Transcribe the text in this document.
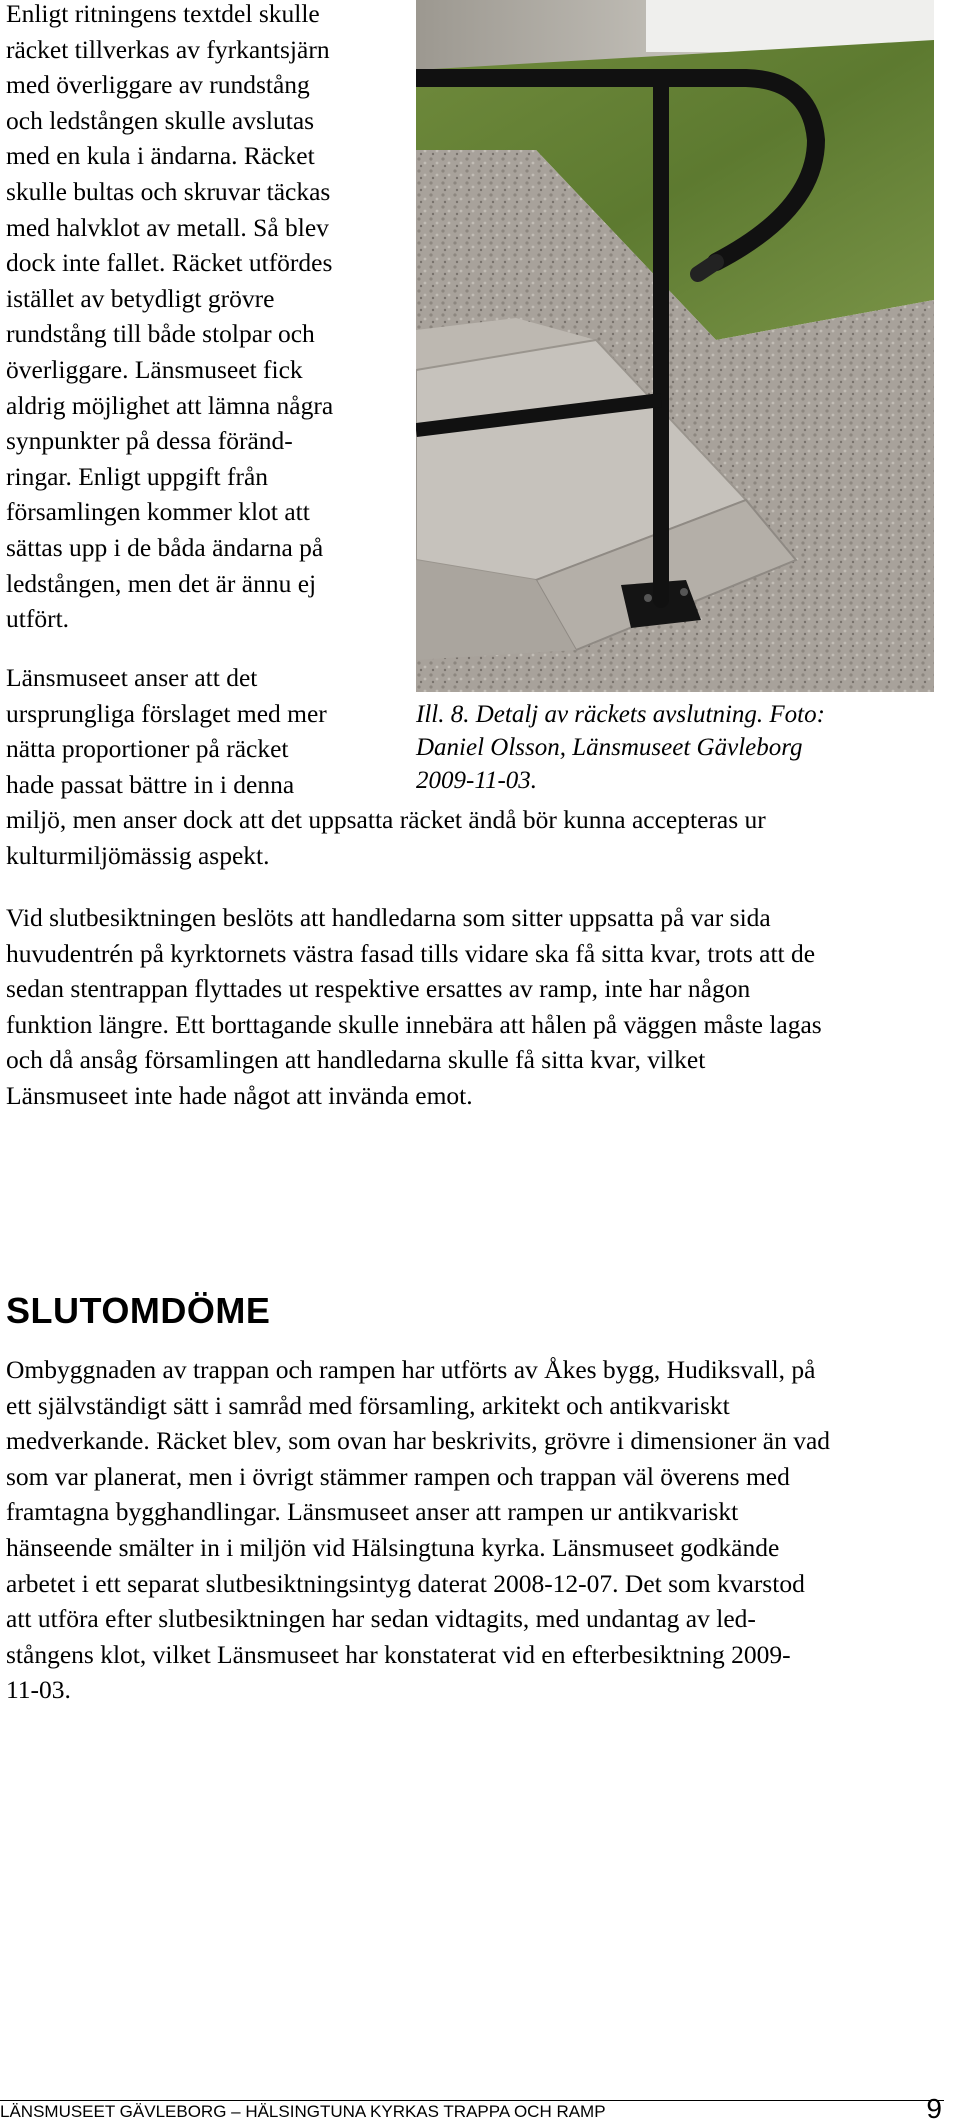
Enligt ritningens textdel skulle
räcket tillverkas av fyrkantsjärn
med överliggare av rundstång
och ledstången skulle avslutas
med en kula i ändarna. Räcket
skulle bultas och skruvar täckas
med halvklot av metall. Så blev
dock inte fallet. Räcket utfördes
istället av betydligt grövre
rundstång till både stolpar och
överliggare. Länsmuseet fick
aldrig möjlighet att lämna några
synpunkter på dessa föränd-
ringar. Enligt uppgift från
församlingen kommer klot att
sättas upp i de båda ändarna på
ledstången, men det är ännu ej
utfört.
Länsmuseet anser att det
ursprungliga förslaget med mer
nätta proportioner på räcket
hade passat bättre in i denna
Ill. 8. Detalj av räckets avslutning. Foto:
Daniel Olsson, Länsmuseet Gävleborg
2009-11-03.
miljö, men anser dock att det uppsatta räcket ändå bör kunna accepteras ur
kulturmiljömässig aspekt.
Vid slutbesiktningen beslöts att handledarna som sitter uppsatta på var sida
huvudentrén på kyrktornets västra fasad tills vidare ska få sitta kvar, trots att de
sedan stentrappan flyttades ut respektive ersattes av ramp, inte har någon
funktion längre. Ett borttagande skulle innebära att hålen på väggen måste lagas
och då ansåg församlingen att handledarna skulle få sitta kvar, vilket
Länsmuseet inte hade något att invända emot.
SLUTOMDÖME
Ombyggnaden av trappan och rampen har utförts av Åkes bygg, Hudiksvall, på
ett självständigt sätt i samråd med församling, arkitekt och antikvariskt
medverkande. Räcket blev, som ovan har beskrivits, grövre i dimensioner än vad
som var planerat, men i övrigt stämmer rampen och trappan väl överens med
framtagna bygghandlingar. Länsmuseet anser att rampen ur antikvariskt
hänseende smälter in i miljön vid Hälsingtuna kyrka. Länsmuseet godkände
arbetet i ett separat slutbesiktningsintyg daterat 2008-12-07. Det som kvarstod
att utföra efter slutbesiktningen har sedan vidtagits, med undantag av led-
stångens klot, vilket Länsmuseet har konstaterat vid en efterbesiktning 2009-
11-03.
LÄNSMUSEET GÄVLEBORG – HÄLSINGTUNA KYRKAS TRAPPA OCH RAMP	9
